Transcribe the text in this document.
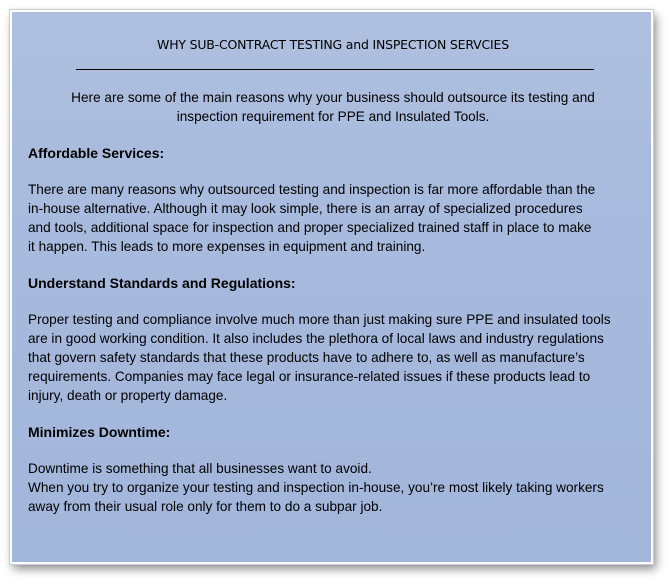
WHY SUB-CONTRACT TESTING and INSPECTION SERVCIES
Here are some of the main reasons why your business should outsource its testing and
inspection requirement for PPE and Insulated Tools.
Affordable Services:
There are many reasons why outsourced testing and inspection is far more affordable than the
in-house alternative. Although it may look simple, there is an array of specialized procedures
and tools, additional space for inspection and proper specialized trained staff in place to make
it happen. This leads to more expenses in equipment and training.
Understand Standards and Regulations:
Proper testing and compliance involve much more than just making sure PPE and insulated tools
are in good working condition. It also includes the plethora of local laws and industry regulations
that govern safety standards that these products have to adhere to, as well as manufacture’s
requirements. Companies may face legal or insurance-related issues if these products lead to
injury, death or property damage.
Minimizes Downtime:
Downtime is something that all businesses want to avoid.
When you try to organize your testing and inspection in-house, you’re most likely taking workers
away from their usual role only for them to do a subpar job.
